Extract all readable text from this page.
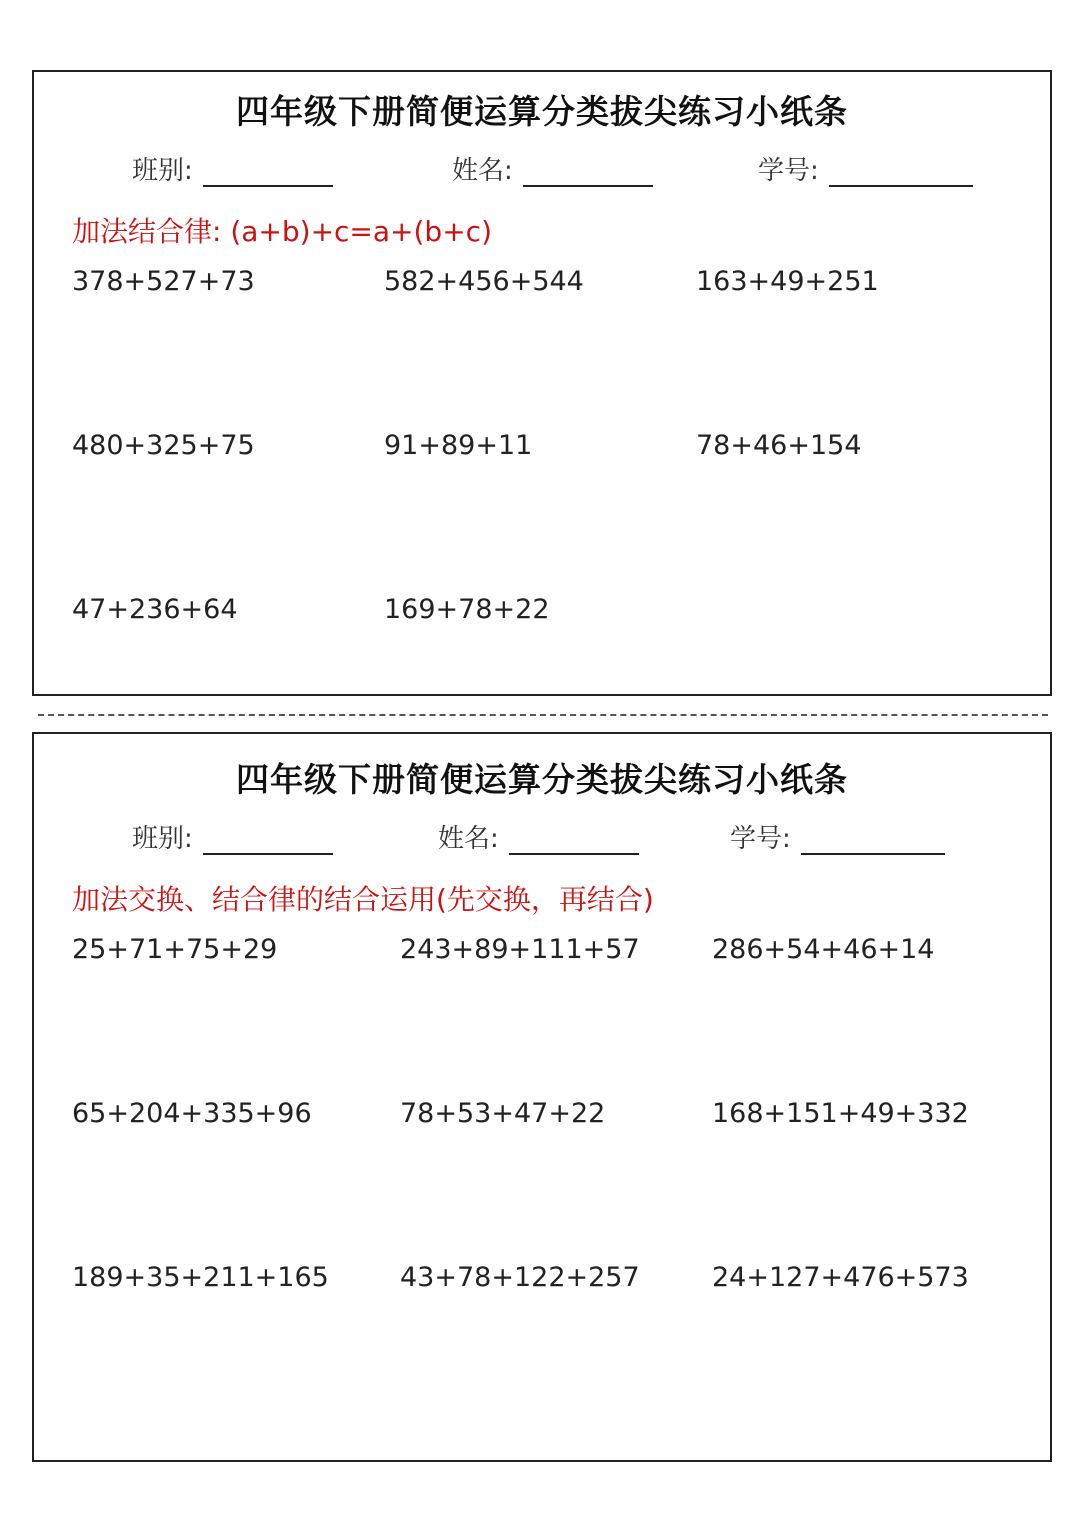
四年级下册简便运算分类拔尖练习小纸条
班别:	姓名:	学号:
加法结合律: (a+b)+c=a+(b+c)
378+527+73	582+456+544	163+49+251
480+325+75	91+89+11	78+46+154
47+236+64	169+78+22
四年级下册简便运算分类拔尖练习小纸条
班别:	姓名:	学号:
加法交换、结合律的结合运用(先交换，再结合)
25+71+75+29	243+89+111+57	286+54+46+14
65+204+335+96	78+53+47+22	168+151+49+332
189+35+211+165	43+78+122+257	24+127+476+573
